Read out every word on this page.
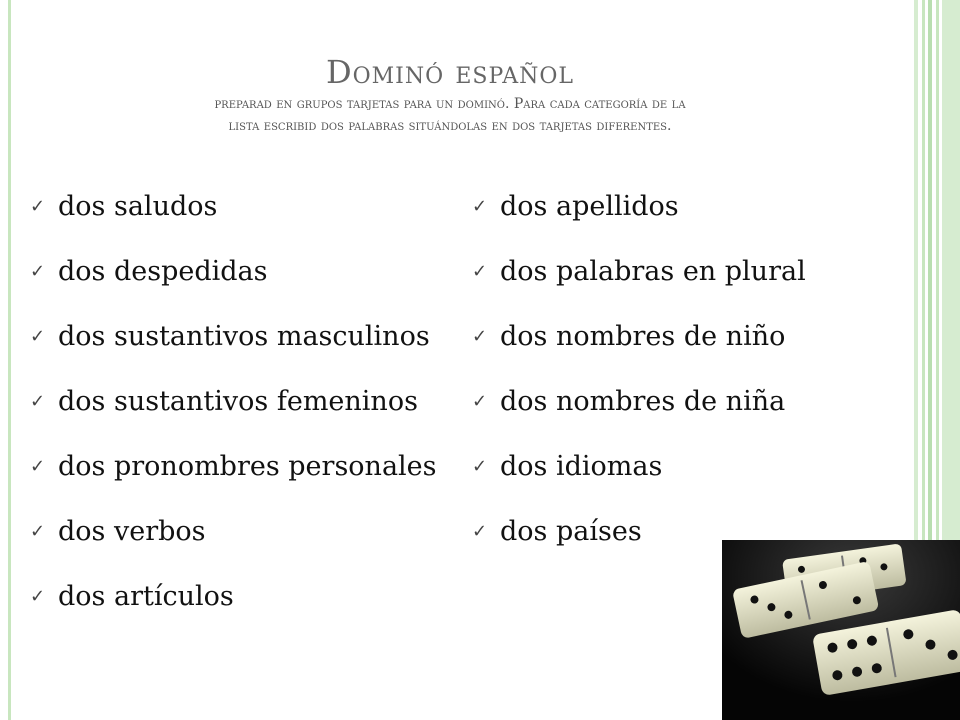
Dominó español
preparad en grupos tarjetas para un dominó. Para cada categoría de la
lista escribid dos palabras situándolas en dos tarjetas diferentes.
✓ dos saludos
✓ dos despedidas
✓ dos sustantivos masculinos
✓ dos sustantivos femeninos
✓ dos pronombres personales
✓ dos verbos
✓ dos artículos
✓ dos apellidos
✓ dos palabras en plural
✓ dos nombres de niño
✓ dos nombres de niña
✓ dos idiomas
✓ dos países
